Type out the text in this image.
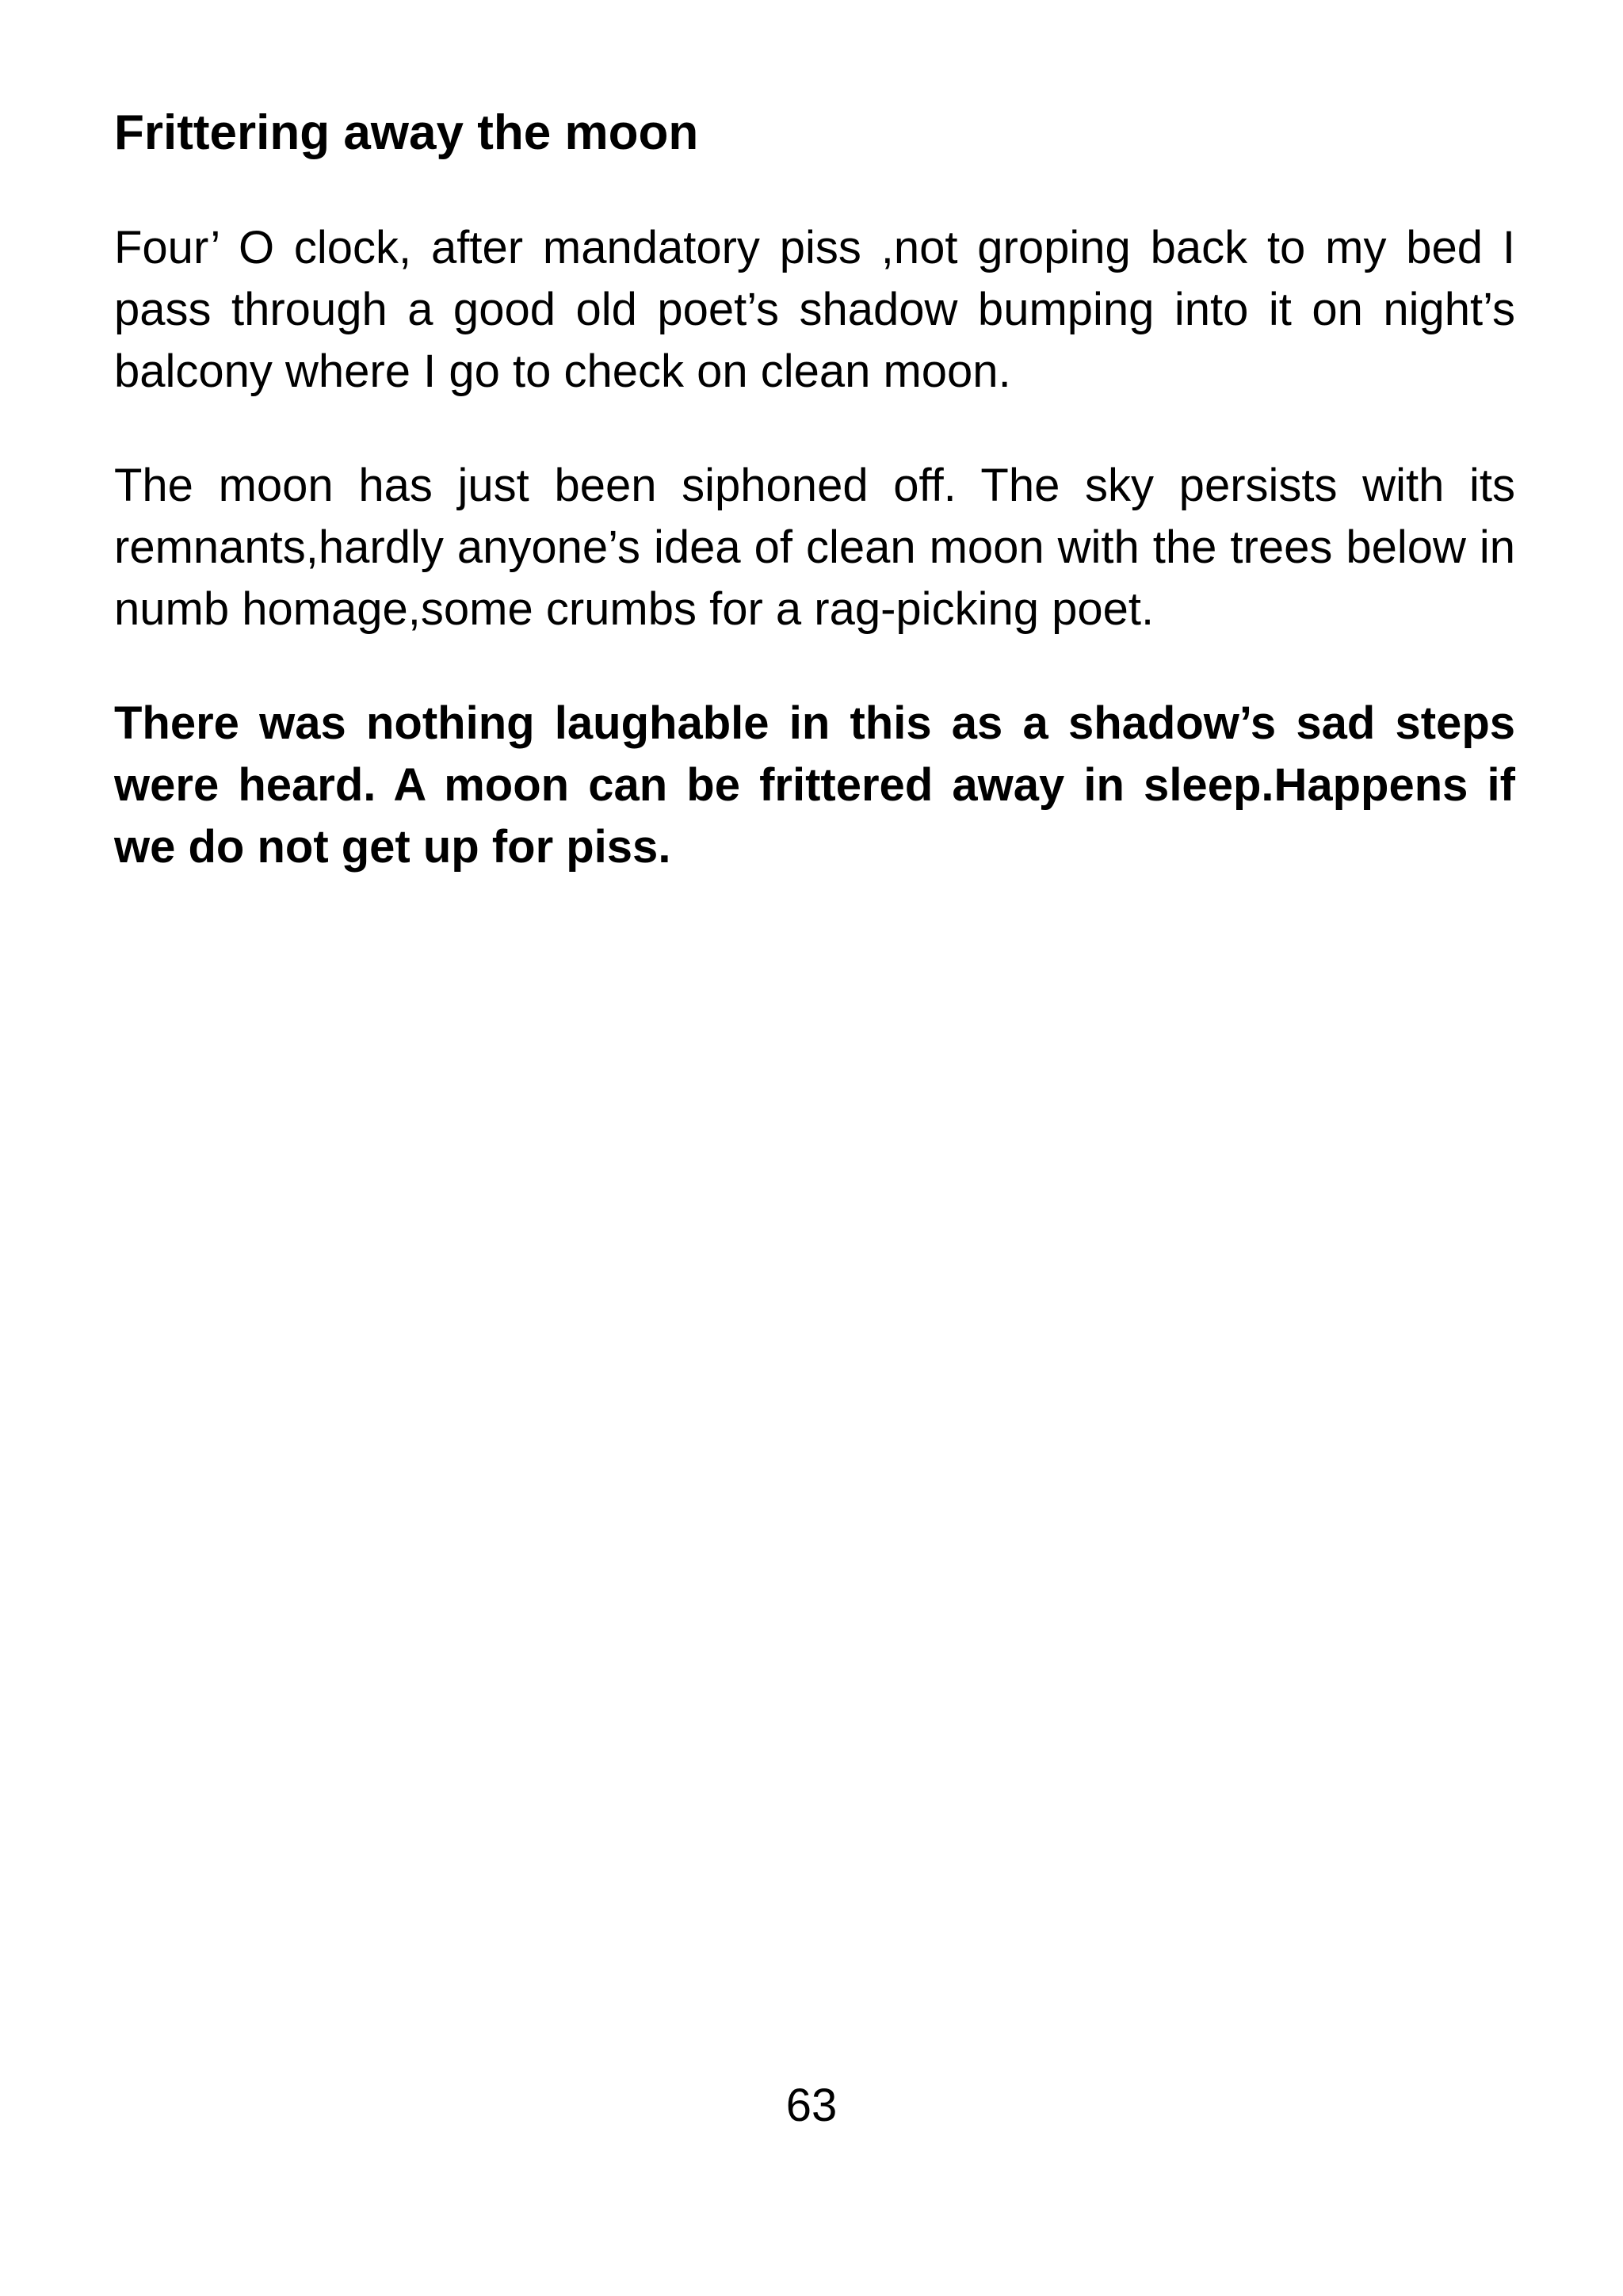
Frittering away the moon

Four’ O clock, after mandatory piss ,not groping back to my bed I pass through a good old poet’s shadow bumping into it on night’s balcony where I go to check on clean moon.

The moon has just been siphoned off. The sky persists with its remnants,hardly anyone’s idea of clean moon with the trees below in numb homage,some crumbs for a rag-picking poet.

There was nothing laughable in this as a shadow’s sad steps were heard. A moon can be frittered away in sleep.Happens if we do not get up for piss.

63
